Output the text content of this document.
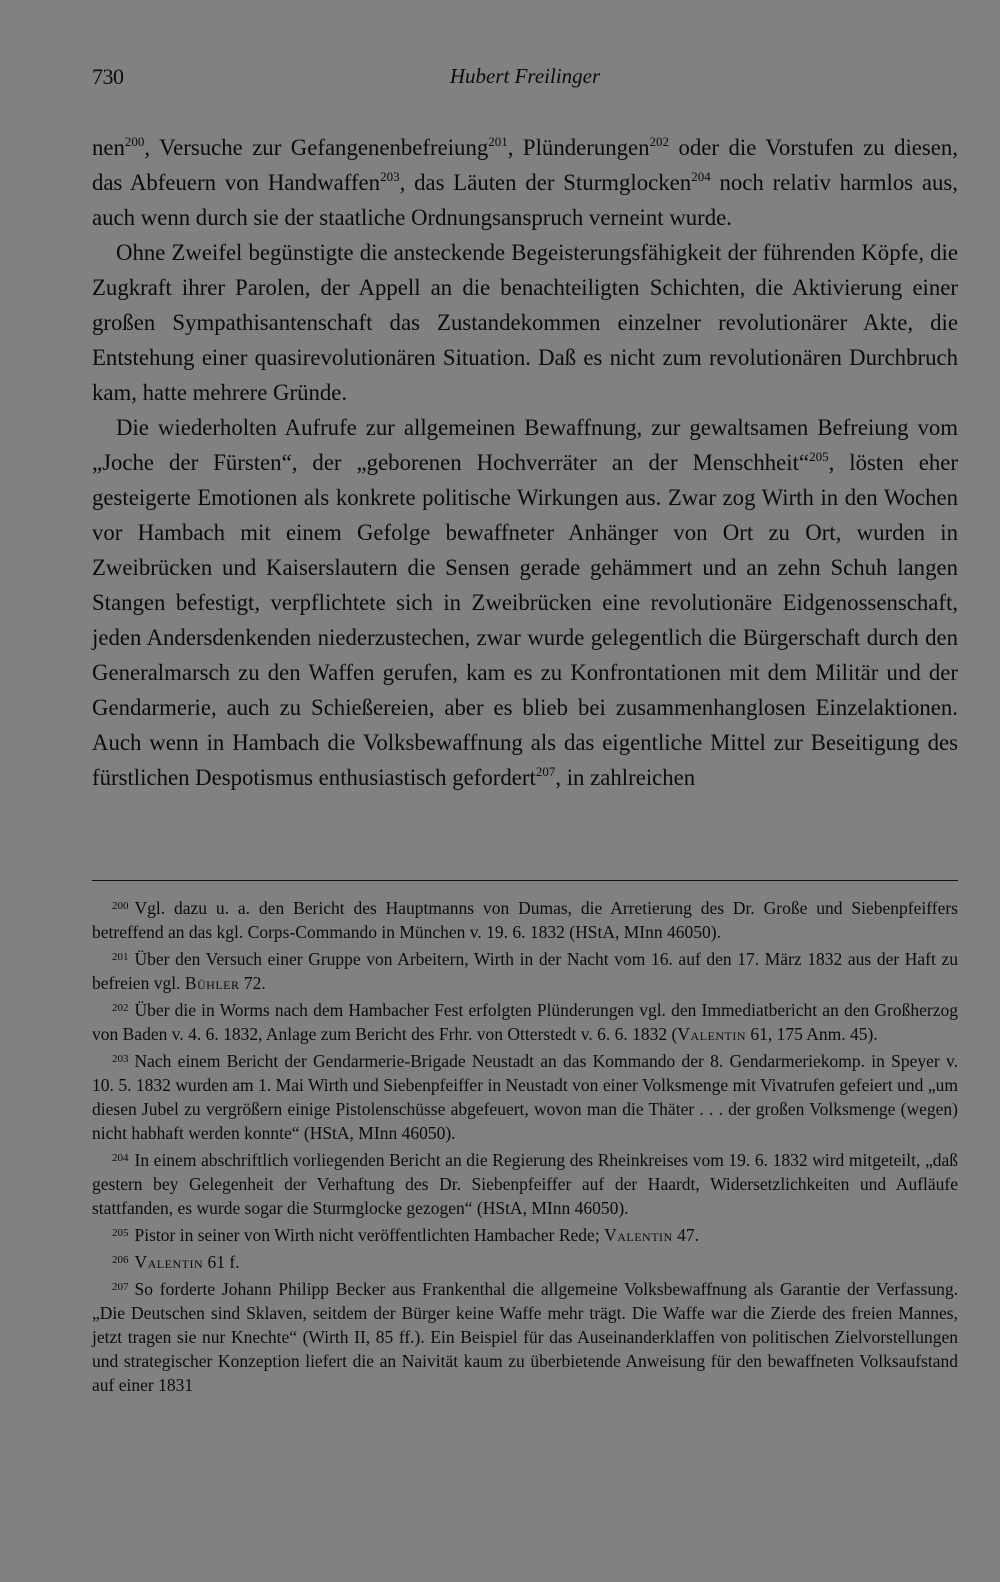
730	Hubert Freilinger

nen$^{200}$, Versuche zur Gefangenenbefreiung$^{201}$, Plünderungen$^{202}$ oder die Vorstufen zu diesen, das Abfeuern von Handwaffen$^{203}$, das Läuten der Sturmglocken$^{204}$ noch relativ harmlos aus, auch wenn durch sie der staatliche Ordnungsanspruch verneint wurde.

Ohne Zweifel begünstigte die ansteckende Begeisterungsfähigkeit der führenden Köpfe, die Zugkraft ihrer Parolen, der Appell an die benachteiligten Schichten, die Aktivierung einer großen Sympathisantenschaft das Zustandekommen einzelner revolutionärer Akte, die Entstehung einer quasirevolutionären Situation. Daß es nicht zum revolutionären Durchbruch kam, hatte mehrere Gründe.

Die wiederholten Aufrufe zur allgemeinen Bewaffnung, zur gewaltsamen Befreiung vom „Joche der Fürsten“, der „geborenen Hochverräter an der Menschheit“$^{205}$, lösten eher gesteigerte Emotionen als konkrete politische Wirkungen aus. Zwar zog Wirth in den Wochen vor Hambach mit einem Gefolge bewaffneter Anhänger von Ort zu Ort, wurden in Zweibrücken und Kaiserslautern die Sensen gerade gehämmert und an zehn Schuh langen Stangen befestigt, verpflichtete sich in Zweibrücken eine revolutionäre Eidgenossenschaft, jeden Andersdenkenden niederzustechen, zwar wurde gelegentlich die Bürgerschaft durch den Generalmarsch zu den Waffen gerufen, kam es zu Konfrontationen mit dem Militär und der Gendarmerie, auch zu Schießereien, aber es blieb bei zusammenhanglosen Einzelaktionen. Auch wenn in Hambach die Volksbewaffnung als das eigentliche Mittel zur Beseitigung des fürstlichen Despotismus enthusiastisch gefordert$^{207}$, in zahlreichen

$^{200}$ Vgl. dazu u. a. den Bericht des Hauptmanns von Dumas, die Arretierung des Dr. Große und Siebenpfeiffers betreffend an das kgl. Corps-Commando in München v. 19. 6. 1832 (HStA, MInn 46050).

$^{201}$ Über den Versuch einer Gruppe von Arbeitern, Wirth in der Nacht vom 16. auf den 17. März 1832 aus der Haft zu befreien vgl. Bühler 72.

$^{202}$ Über die in Worms nach dem Hambacher Fest erfolgten Plünderungen vgl. den Immediatbericht an den Großherzog von Baden v. 4. 6. 1832, Anlage zum Bericht des Frhr. von Otterstedt v. 6. 6. 1832 (Valentin 61, 175 Anm. 45).

$^{203}$ Nach einem Bericht der Gendarmerie-Brigade Neustadt an das Kommando der 8. Gendarmeriekomp. in Speyer v. 10. 5. 1832 wurden am 1. Mai Wirth und Siebenpfeiffer in Neustadt von einer Volksmenge mit Vivatrufen gefeiert und „um diesen Jubel zu vergrößern einige Pistolenschüsse abgefeuert, wovon man die Thäter . . . der großen Volksmenge (wegen) nicht habhaft werden konnte“ (HStA, MInn 46050).

$^{204}$ In einem abschriftlich vorliegenden Bericht an die Regierung des Rheinkreises vom 19. 6. 1832 wird mitgeteilt, „daß gestern bey Gelegenheit der Verhaftung des Dr. Siebenpfeiffer auf der Haardt, Widersetzlichkeiten und Aufläufe stattfanden, es wurde sogar die Sturmglocke gezogen“ (HStA, MInn 46050).

$^{205}$ Pistor in seiner von Wirth nicht veröffentlichten Hambacher Rede; Valentin 47.

$^{206}$ Valentin 61 f.

$^{207}$ So forderte Johann Philipp Becker aus Frankenthal die allgemeine Volksbewaffnung als Garantie der Verfassung. „Die Deutschen sind Sklaven, seitdem der Bürger keine Waffe mehr trägt. Die Waffe war die Zierde des freien Mannes, jetzt tragen sie nur Knechte“ (Wirth II, 85 ff.). Ein Beispiel für das Auseinanderklaffen von politischen Zielvorstellungen und strategischer Konzeption liefert die an Naivität kaum zu überbietende Anweisung für den bewaffneten Volksaufstand auf einer 1831
